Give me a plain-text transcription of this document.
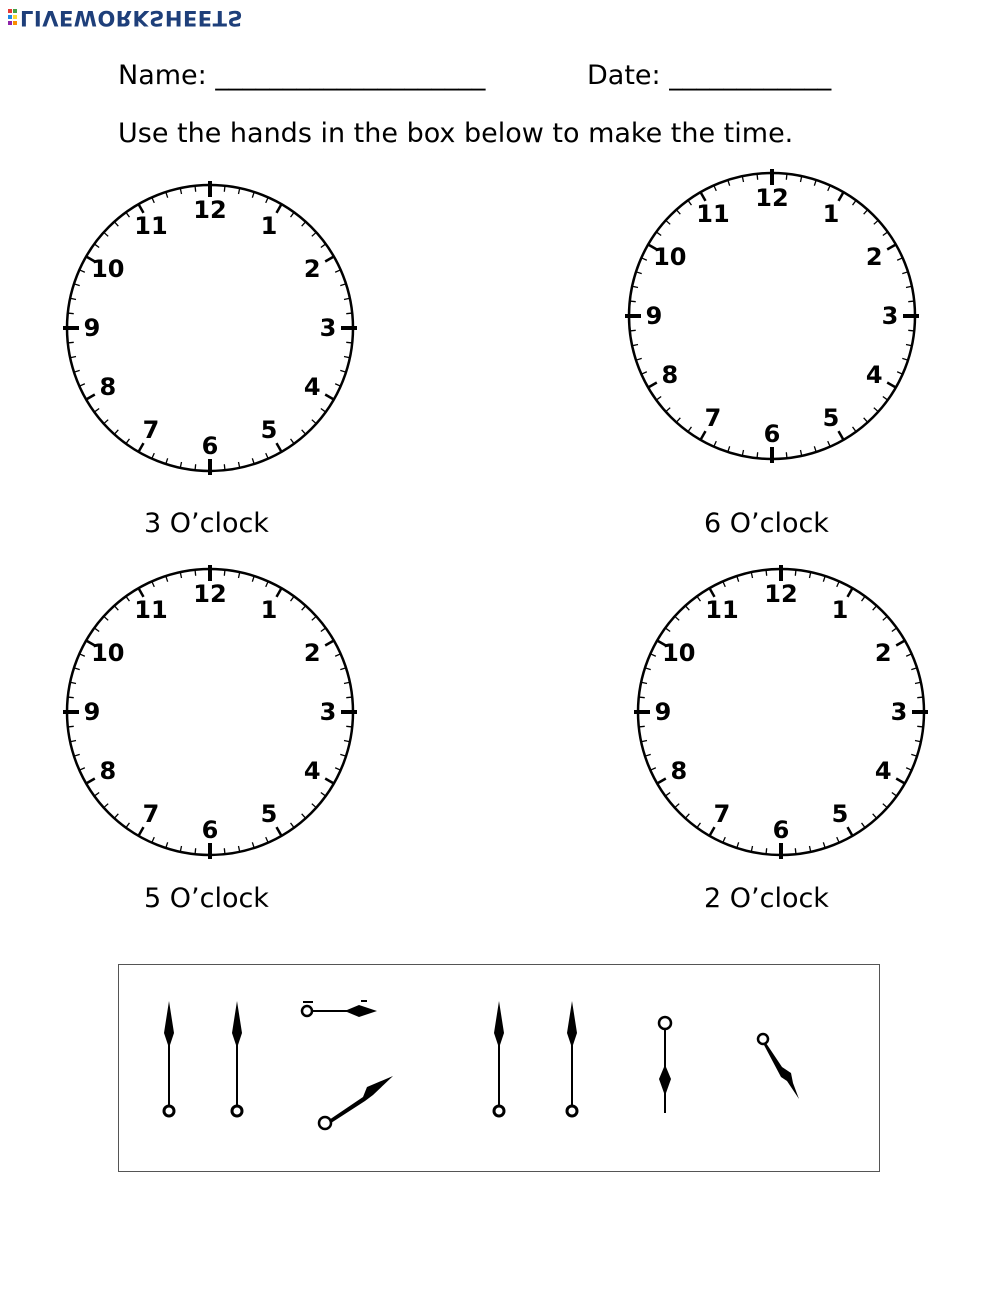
LIVEWORKSHEETS
Name: ____________________	Date: ____________
Use the hands in the box below to make the time.
12
1
2
3
4
5
6
7
8
9
10
11
3 O’clock
12
1
2
3
4
5
6
7
8
9
10
11
6 O’clock
12
1
2
3
4
5
6
7
8
9
10
11
5 O’clock
12
1
2
3
4
5
6
7
8
9
10
11
2 O’clock
